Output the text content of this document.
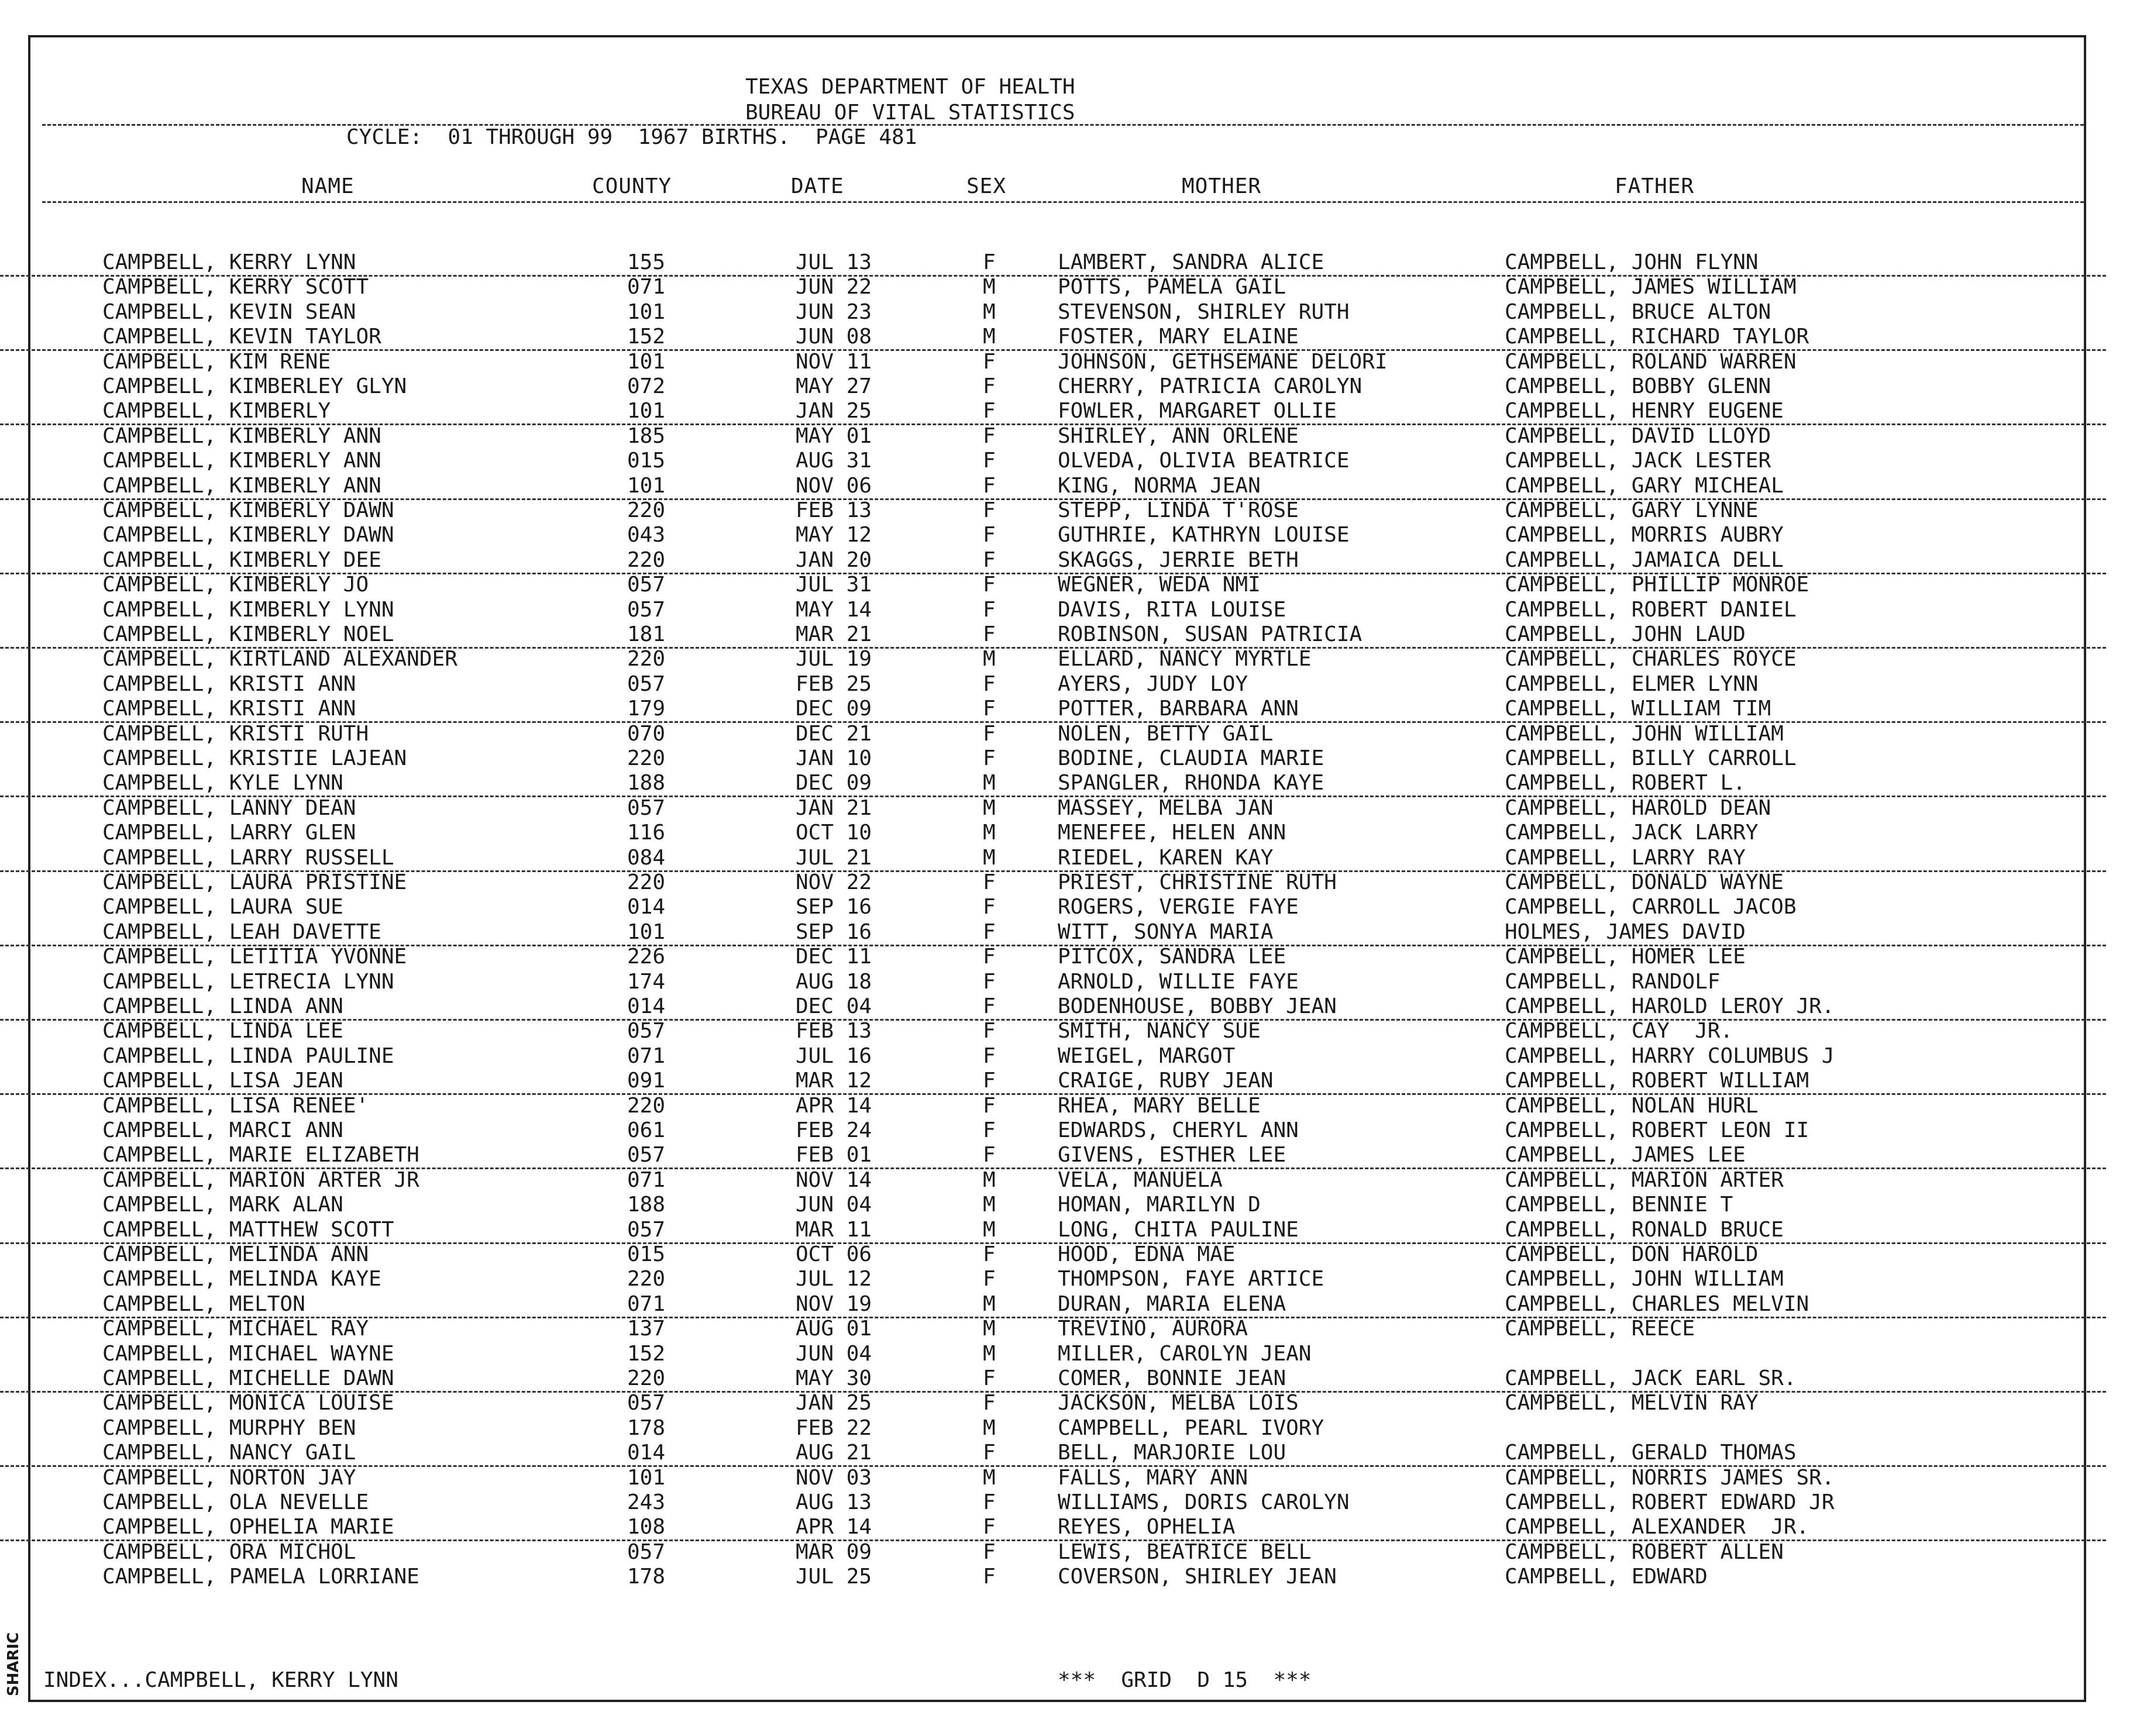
SHARIC
TEXAS DEPARTMENT OF HEALTH
BUREAU OF VITAL STATISTICS
CYCLE: 01 THROUGH 99 1967 BIRTHS. PAGE 481
NAME	COUNTY	DATE	SEX	MOTHER	FATHER
CAMPBELL, KERRY LYNN	155	JUL 13	F	LAMBERT, SANDRA ALICE	CAMPBELL, JOHN FLYNN
CAMPBELL, KERRY SCOTT	071	JUN 22	M	POTTS, PAMELA GAIL	CAMPBELL, JAMES WILLIAM
CAMPBELL, KEVIN SEAN	101	JUN 23	M	STEVENSON, SHIRLEY RUTH	CAMPBELL, BRUCE ALTON
CAMPBELL, KEVIN TAYLOR	152	JUN 08	M	FOSTER, MARY ELAINE	CAMPBELL, RICHARD TAYLOR
CAMPBELL, KIM RENE	101	NOV 11	F	JOHNSON, GETHSEMANE DELORI	CAMPBELL, ROLAND WARREN
CAMPBELL, KIMBERLEY GLYN	072	MAY 27	F	CHERRY, PATRICIA CAROLYN	CAMPBELL, BOBBY GLENN
CAMPBELL, KIMBERLY	101	JAN 25	F	FOWLER, MARGARET OLLIE	CAMPBELL, HENRY EUGENE
CAMPBELL, KIMBERLY ANN	185	MAY 01	F	SHIRLEY, ANN ORLENE	CAMPBELL, DAVID LLOYD
CAMPBELL, KIMBERLY ANN	015	AUG 31	F	OLVEDA, OLIVIA BEATRICE	CAMPBELL, JACK LESTER
CAMPBELL, KIMBERLY ANN	101	NOV 06	F	KING, NORMA JEAN	CAMPBELL, GARY MICHEAL
CAMPBELL, KIMBERLY DAWN	220	FEB 13	F	STEPP, LINDA T'ROSE	CAMPBELL, GARY LYNNE
CAMPBELL, KIMBERLY DAWN	043	MAY 12	F	GUTHRIE, KATHRYN LOUISE	CAMPBELL, MORRIS AUBRY
CAMPBELL, KIMBERLY DEE	220	JAN 20	F	SKAGGS, JERRIE BETH	CAMPBELL, JAMAICA DELL
CAMPBELL, KIMBERLY JO	057	JUL 31	F	WEGNER, WEDA NMI	CAMPBELL, PHILLIP MONROE
CAMPBELL, KIMBERLY LYNN	057	MAY 14	F	DAVIS, RITA LOUISE	CAMPBELL, ROBERT DANIEL
CAMPBELL, KIMBERLY NOEL	181	MAR 21	F	ROBINSON, SUSAN PATRICIA	CAMPBELL, JOHN LAUD
CAMPBELL, KIRTLAND ALEXANDER	220	JUL 19	M	ELLARD, NANCY MYRTLE	CAMPBELL, CHARLES ROYCE
CAMPBELL, KRISTI ANN	057	FEB 25	F	AYERS, JUDY LOY	CAMPBELL, ELMER LYNN
CAMPBELL, KRISTI ANN	179	DEC 09	F	POTTER, BARBARA ANN	CAMPBELL, WILLIAM TIM
CAMPBELL, KRISTI RUTH	070	DEC 21	F	NOLEN, BETTY GAIL	CAMPBELL, JOHN WILLIAM
CAMPBELL, KRISTIE LAJEAN	220	JAN 10	F	BODINE, CLAUDIA MARIE	CAMPBELL, BILLY CARROLL
CAMPBELL, KYLE LYNN	188	DEC 09	M	SPANGLER, RHONDA KAYE	CAMPBELL, ROBERT L.
CAMPBELL, LANNY DEAN	057	JAN 21	M	MASSEY, MELBA JAN	CAMPBELL, HAROLD DEAN
CAMPBELL, LARRY GLEN	116	OCT 10	M	MENEFEE, HELEN ANN	CAMPBELL, JACK LARRY
CAMPBELL, LARRY RUSSELL	084	JUL 21	M	RIEDEL, KAREN KAY	CAMPBELL, LARRY RAY
CAMPBELL, LAURA PRISTINE	220	NOV 22	F	PRIEST, CHRISTINE RUTH	CAMPBELL, DONALD WAYNE
CAMPBELL, LAURA SUE	014	SEP 16	F	ROGERS, VERGIE FAYE	CAMPBELL, CARROLL JACOB
CAMPBELL, LEAH DAVETTE	101	SEP 16	F	WITT, SONYA MARIA	HOLMES, JAMES DAVID
CAMPBELL, LETITIA YVONNE	226	DEC 11	F	PITCOX, SANDRA LEE	CAMPBELL, HOMER LEE
CAMPBELL, LETRECIA LYNN	174	AUG 18	F	ARNOLD, WILLIE FAYE	CAMPBELL, RANDOLF
CAMPBELL, LINDA ANN	014	DEC 04	F	BODENHOUSE, BOBBY JEAN	CAMPBELL, HAROLD LEROY JR.
CAMPBELL, LINDA LEE	057	FEB 13	F	SMITH, NANCY SUE	CAMPBELL, CAY  JR.
CAMPBELL, LINDA PAULINE	071	JUL 16	F	WEIGEL, MARGOT	CAMPBELL, HARRY COLUMBUS J
CAMPBELL, LISA JEAN	091	MAR 12	F	CRAIGE, RUBY JEAN	CAMPBELL, ROBERT WILLIAM
CAMPBELL, LISA RENEE'	220	APR 14	F	RHEA, MARY BELLE	CAMPBELL, NOLAN HURL
CAMPBELL, MARCI ANN	061	FEB 24	F	EDWARDS, CHERYL ANN	CAMPBELL, ROBERT LEON II
CAMPBELL, MARIE ELIZABETH	057	FEB 01	F	GIVENS, ESTHER LEE	CAMPBELL, JAMES LEE
CAMPBELL, MARION ARTER JR	071	NOV 14	M	VELA, MANUELA	CAMPBELL, MARION ARTER
CAMPBELL, MARK ALAN	188	JUN 04	M	HOMAN, MARILYN D	CAMPBELL, BENNIE T
CAMPBELL, MATTHEW SCOTT	057	MAR 11	M	LONG, CHITA PAULINE	CAMPBELL, RONALD BRUCE
CAMPBELL, MELINDA ANN	015	OCT 06	F	HOOD, EDNA MAE	CAMPBELL, DON HAROLD
CAMPBELL, MELINDA KAYE	220	JUL 12	F	THOMPSON, FAYE ARTICE	CAMPBELL, JOHN WILLIAM
CAMPBELL, MELTON	071	NOV 19	M	DURAN, MARIA ELENA	CAMPBELL, CHARLES MELVIN
CAMPBELL, MICHAEL RAY	137	AUG 01	M	TREVINO, AURORA	CAMPBELL, REECE
CAMPBELL, MICHAEL WAYNE	152	JUN 04	M	MILLER, CAROLYN JEAN
CAMPBELL, MICHELLE DAWN	220	MAY 30	F	COMER, BONNIE JEAN	CAMPBELL, JACK EARL SR.
CAMPBELL, MONICA LOUISE	057	JAN 25	F	JACKSON, MELBA LOIS	CAMPBELL, MELVIN RAY
CAMPBELL, MURPHY BEN	178	FEB 22	M	CAMPBELL, PEARL IVORY
CAMPBELL, NANCY GAIL	014	AUG 21	F	BELL, MARJORIE LOU	CAMPBELL, GERALD THOMAS
CAMPBELL, NORTON JAY	101	NOV 03	M	FALLS, MARY ANN	CAMPBELL, NORRIS JAMES SR.
CAMPBELL, OLA NEVELLE	243	AUG 13	F	WILLIAMS, DORIS CAROLYN	CAMPBELL, ROBERT EDWARD JR
CAMPBELL, OPHELIA MARIE	108	APR 14	F	REYES, OPHELIA	CAMPBELL, ALEXANDER  JR.
CAMPBELL, ORA MICHOL	057	MAR 09	F	LEWIS, BEATRICE BELL	CAMPBELL, ROBERT ALLEN
CAMPBELL, PAMELA LORRIANE	178	JUL 25	F	COVERSON, SHIRLEY JEAN	CAMPBELL, EDWARD
INDEX...CAMPBELL, KERRY LYNN	***  GRID  D 15  ***
